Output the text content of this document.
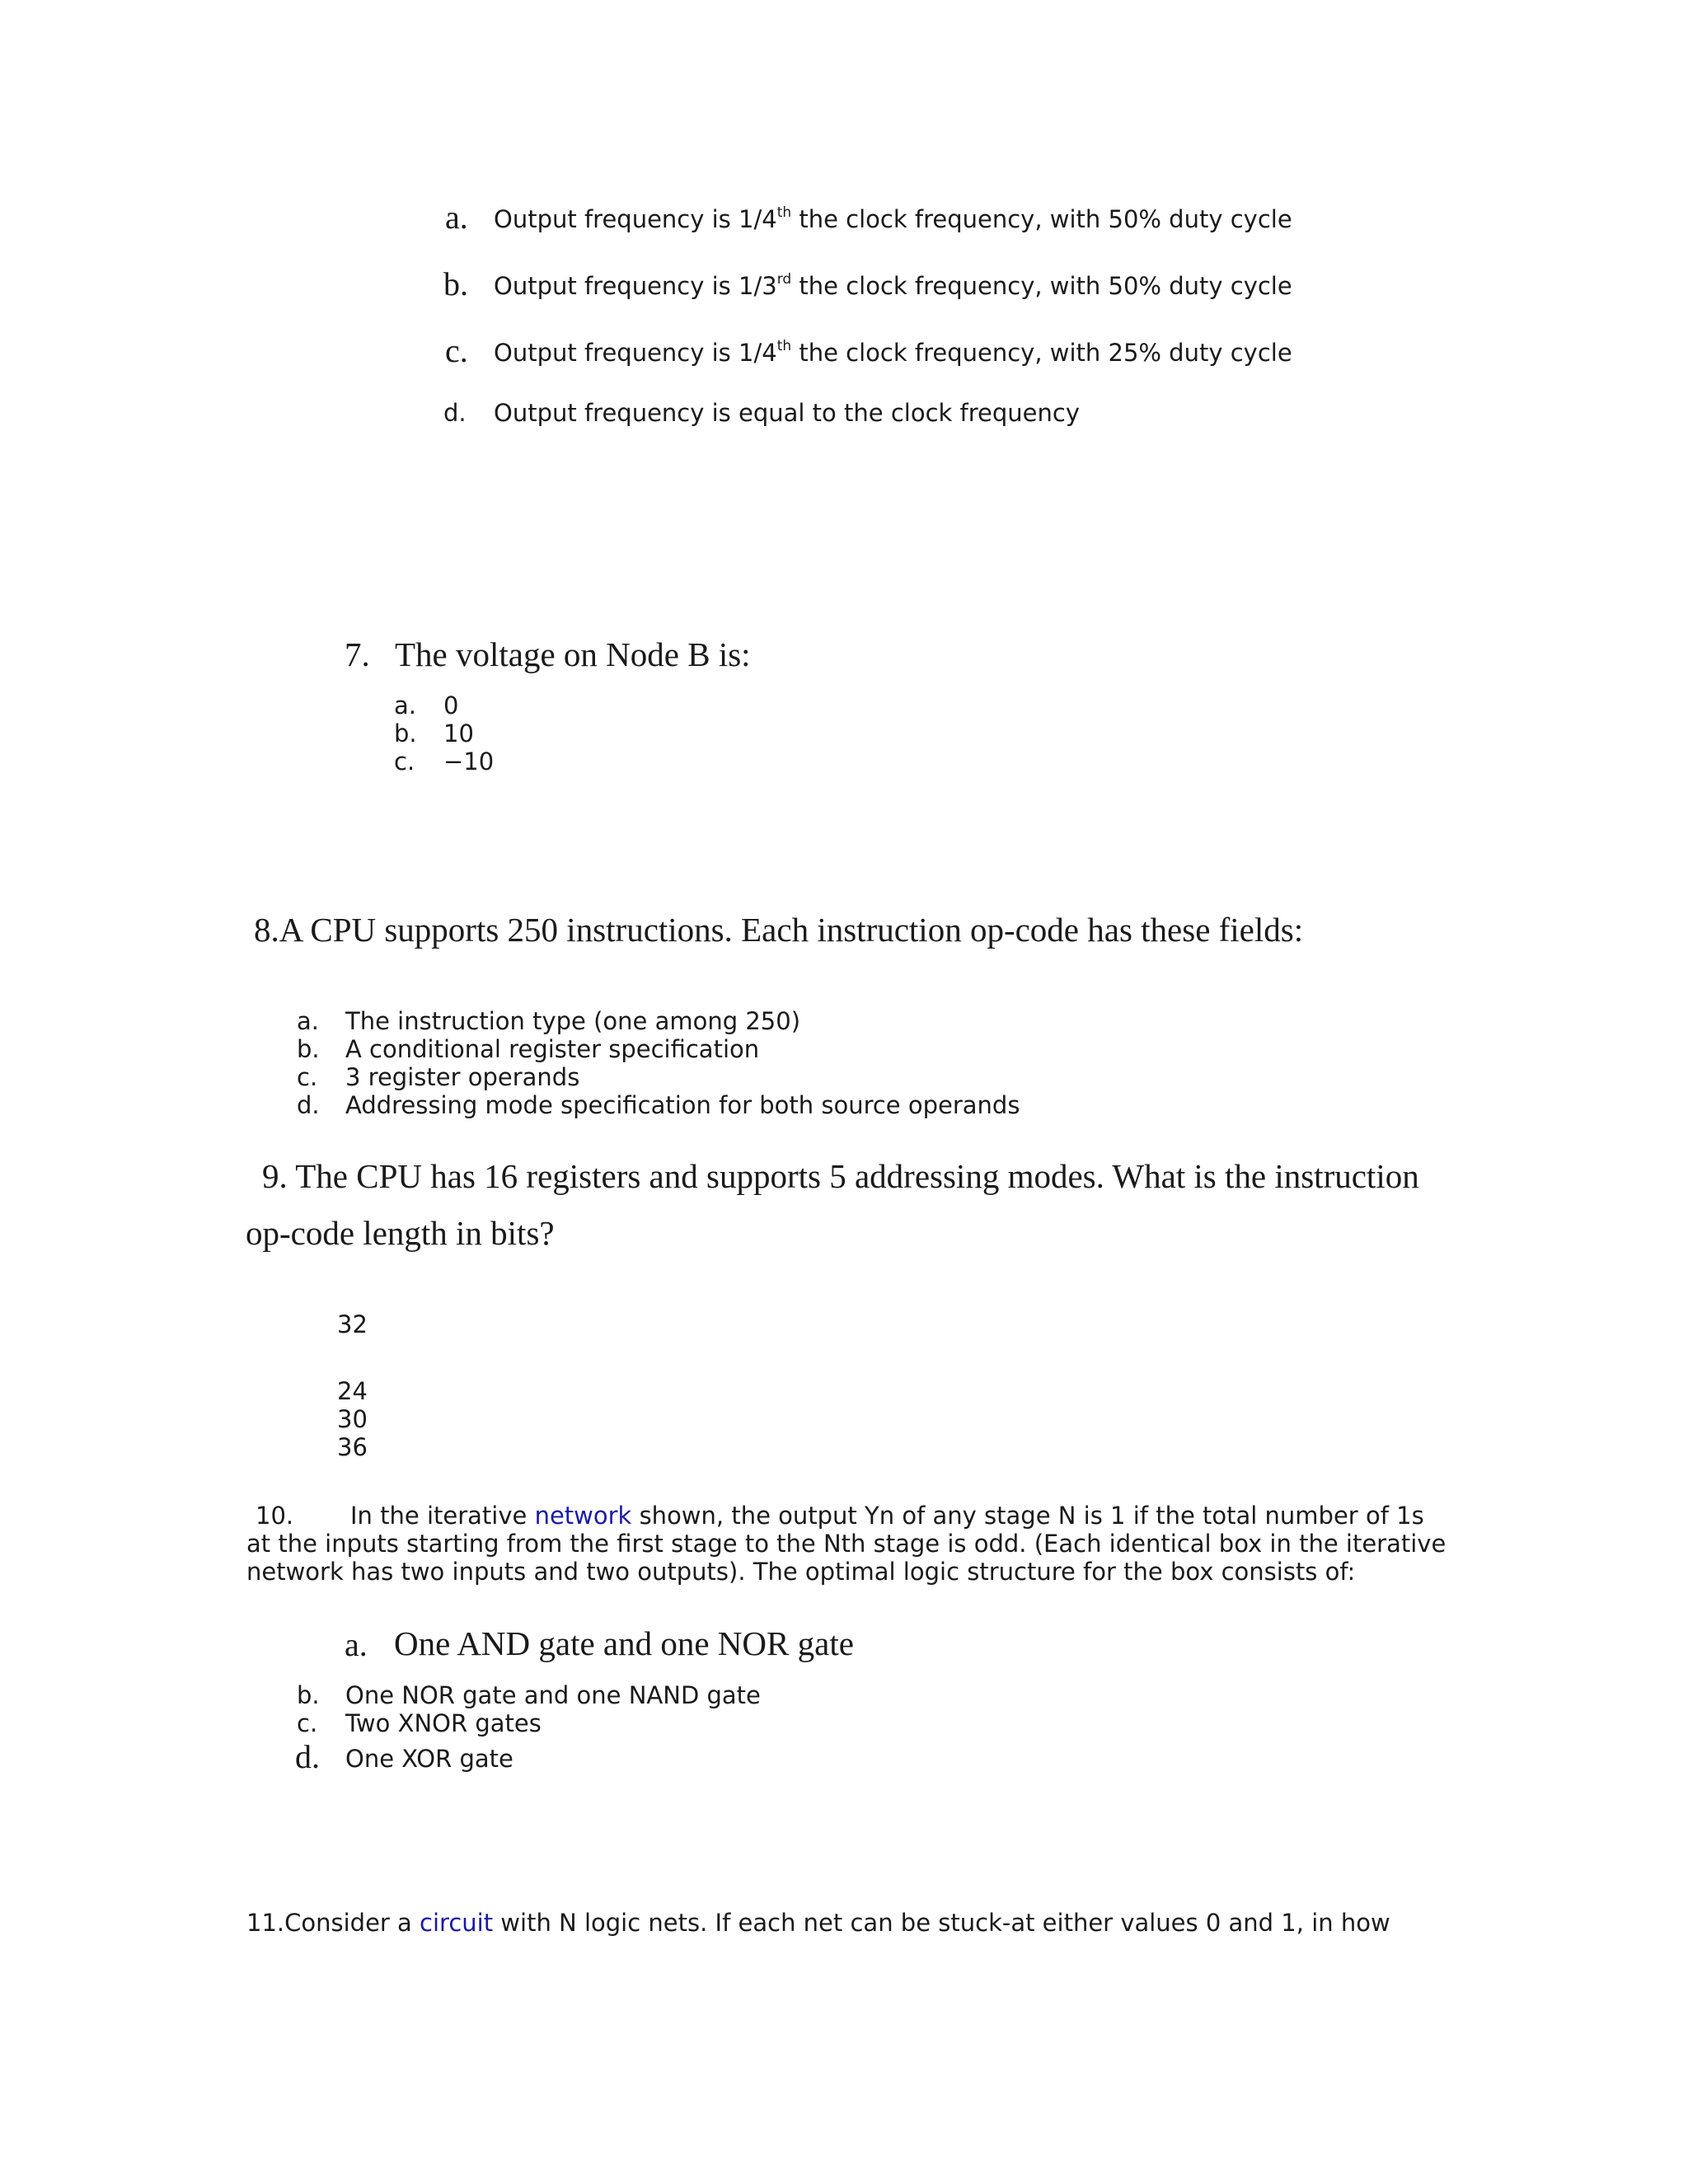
a. Output frequency is 1/4th the clock frequency, with 50% duty cycle
b. Output frequency is 1/3rd the clock frequency, with 50% duty cycle
c. Output frequency is 1/4th the clock frequency, with 25% duty cycle
d. Output frequency is equal to the clock frequency
7. The voltage on Node B is:
a. 0
b. 10
c. −10
8.A CPU supports 250 instructions. Each instruction op-code has these fields:
a. The instruction type (one among 250)
b. A conditional register specification
c. 3 register operands
d. Addressing mode specification for both source operands
9. The CPU has 16 registers and supports 5 addressing modes. What is the instruction
op-code length in bits?
32
24
30
36
10. In the iterative network shown, the output Yn of any stage N is 1 if the total number of 1s
at the inputs starting from the first stage to the Nth stage is odd. (Each identical box in the iterative
network has two inputs and two outputs). The optimal logic structure for the box consists of:
a. One AND gate and one NOR gate
b. One NOR gate and one NAND gate
c. Two XNOR gates
d. One XOR gate
11.Consider a circuit with N logic nets. If each net can be stuck-at either values 0 and 1, in how
